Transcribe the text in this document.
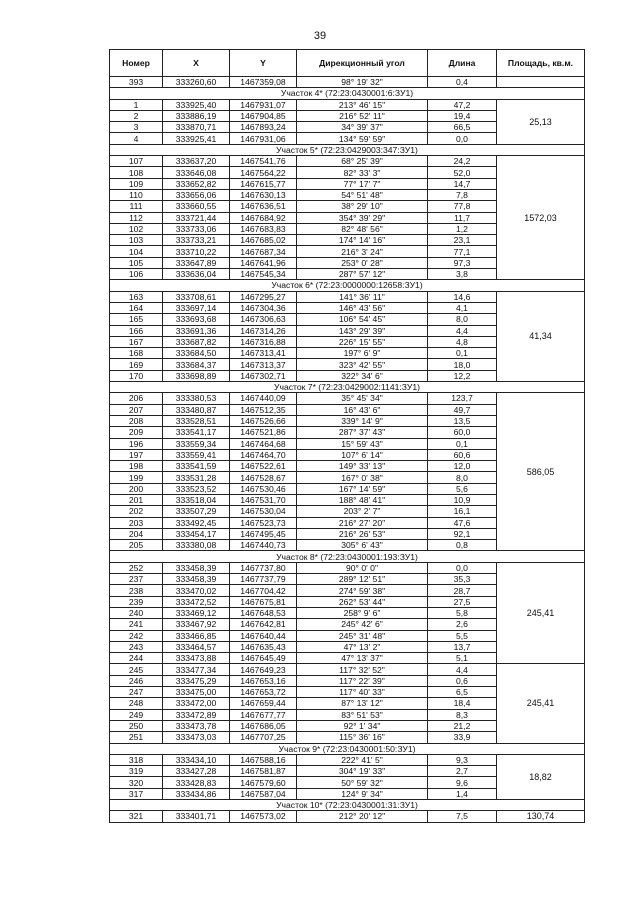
39
Номер	X	Y	Дирекционный угол	Длина	Площадь, кв.м.
393	333260,60	1467359,08	98° 19' 32"	0,4	
Участок 4* (72:23:0430001:6:ЗУ1)					
1	333925,40	1467931,07	213° 46' 15"	47,2	25,13
2	333886,19	1467904,85	216° 52' 11"	19,4	
3	333870,71	1467893,24	34° 39' 37"	66,5	
4	333925,41	1467931,06	134° 59' 59"	0,0	
Участок 5* (72:23:0429003:347:ЗУ1)					
107	333637,20	1467541,76	68° 25' 39"	24,2	1572,03
108	333646,08	1467564,22	82° 33' 3"	52,0	
109	333652,82	1467615,77	77° 17' 7"	14,7	
110	333656,06	1467630,13	54° 51' 48"	7,8	
111	333660,55	1467636,51	38° 29' 10"	77,8	
112	333721,44	1467684,92	354° 39' 29"	11,7	
102	333733,06	1467683,83	82° 48' 56"	1,2	
103	333733,21	1467685,02	174° 14' 16"	23,1	
104	333710,22	1467687,34	216° 3' 24"	77,1	
105	333647,89	1467641,96	253° 0' 28"	97,3	
106	333636,04	1467545,34	287° 57' 12"	3,8	
Участок 6* (72:23:0000000:12658:ЗУ1)					
163	333708,61	1467295,27	141° 36' 11"	14,6	41,34
164	333697,14	1467304,36	146° 43' 56"	4,1	
165	333693,68	1467306,63	106° 54' 45"	8,0	
166	333691,36	1467314,26	143° 29' 39"	4,4	
167	333687,82	1467316,88	226° 15' 55"	4,8	
168	333684,50	1467313,41	197° 6' 9"	0,1	
169	333684,37	1467313,37	323° 42' 55"	18,0	
170	333698,89	1467302,71	322° 34' 6"	12,2	
Участок 7* (72:23:0429002:1141:ЗУ1)					
206	333380,53	1467440,09	35° 45' 34"	123,7	586,05
207	333480,87	1467512,35	16° 43' 6"	49,7	
208	333528,51	1467526,66	339° 14' 9"	13,5	
209	333541,17	1467521,86	287° 37' 43"	60,0	
196	333559,34	1467464,68	15° 59' 43"	0,1	
197	333559,41	1467464,70	107° 6' 14"	60,6	
198	333541,59	1467522,61	149° 33' 13"	12,0	
199	333531,28	1467528,67	167° 0' 38"	8,0	
200	333523,52	1467530,46	167° 14' 59"	5,6	
201	333518,04	1467531,70	188° 48' 41"	10,9	
202	333507,29	1467530,04	203° 2' 7"	16,1	
203	333492,45	1467523,73	216° 27' 20"	47,6	
204	333454,17	1467495,45	216° 26' 53"	92,1	
205	333380,08	1467440,73	305° 6' 43"	0,8	
Участок 8* (72:23:0430001:193:ЗУ1)					
252	333458,39	1467737,80	90° 0' 0"	0,0	245,41
237	333458,39	1467737,79	289° 12' 51"	35,3	
238	333470,02	1467704,42	274° 59' 38"	28,7	
239	333472,52	1467675,81	262° 53' 44"	27,5	
240	333469,12	1467648,53	258° 9' 6"	5,8	
241	333467,92	1467642,81	245° 42' 6"	2,6	
242	333466,85	1467640,44	245° 31' 48"	5,5	
243	333464,57	1467635,43	47° 13' 2"	13,7	
244	333473,88	1467645,49	47° 13' 37"	5,1	
245	333477,34	1467649,23	117° 32' 52"	4,4	245,41
246	333475,29	1467653,16	117° 22' 39"	0,6	
247	333475,00	1467653,72	117° 40' 33"	6,5	
248	333472,00	1467659,44	87° 13' 12"	18,4	
249	333472,89	1467677,77	83° 51' 53"	8,3	
250	333473,78	1467686,05	92° 1' 34"	21,2	
251	333473,03	1467707,25	115° 36' 16"	33,9	
Участок 9* (72:23:0430001:50:ЗУ1)					
318	333434,10	1467588,16	222° 41' 5"	9,3	18,82
319	333427,28	1467581,87	304° 19' 33"	2,7	
320	333428,83	1467579,60	50° 59' 32"	9,6	
317	333434,86	1467587,04	124° 9' 34"	1,4	
Участок 10* (72:23:0430001:31:ЗУ1)					
321	333401,71	1467573,02	212° 20' 12"	7,5	130,74
